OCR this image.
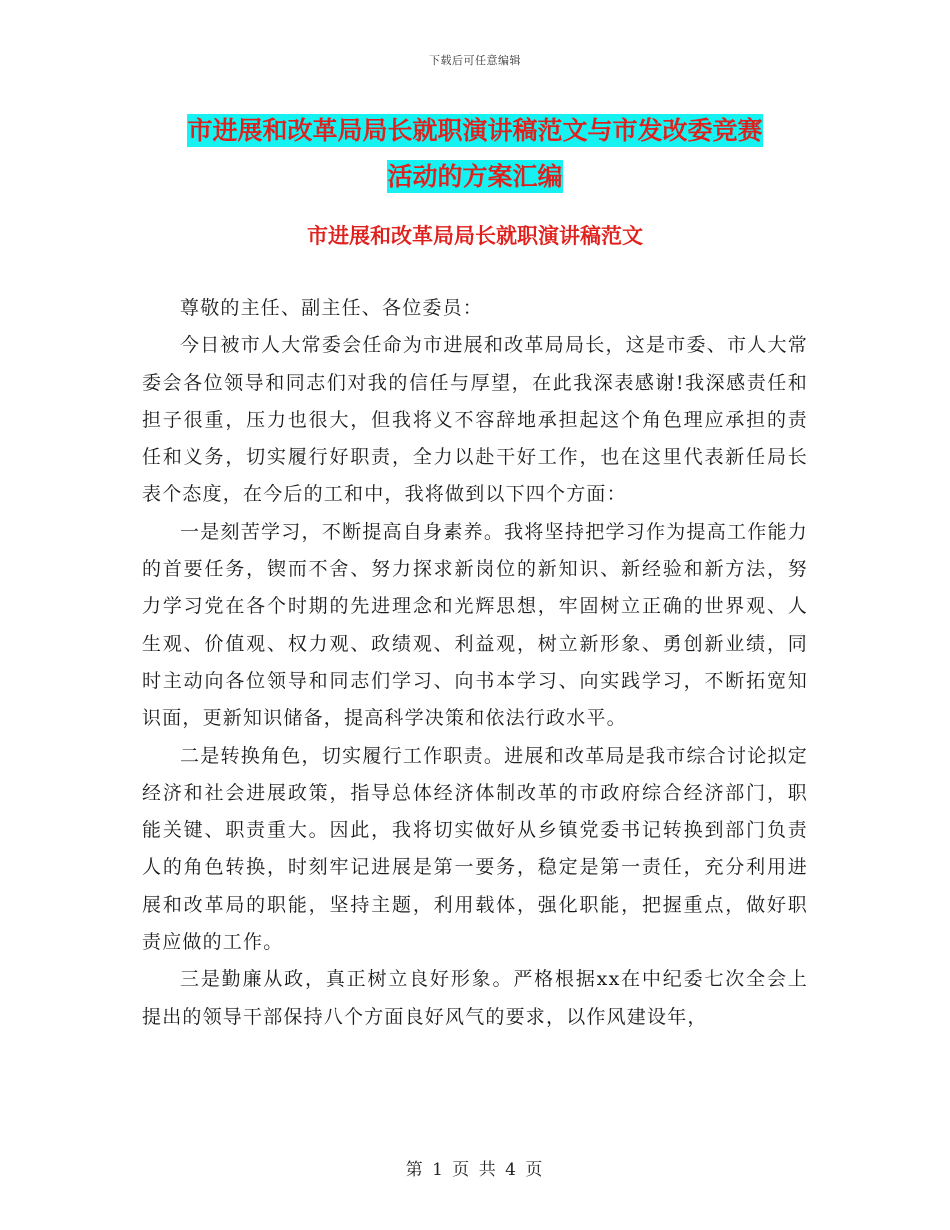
下载后可任意编辑
市进展和改革局局长就职演讲稿范文与市发改委竞赛
活动的方案汇编
市进展和改革局局长就职演讲稿范文

尊敬的主任、副主任、各位委员：

今日被市人大常委会任命为市进展和改革局局长，这是市委、市人大常委会各位领导和同志们对我的信任与厚望，在此我深表感谢!我深感责任和担子很重，压力也很大，但我将义不容辞地承担起这个角色理应承担的责任和义务，切实履行好职责，全力以赴干好工作，也在这里代表新任局长表个态度，在今后的工和中，我将做到以下四个方面：

一是刻苦学习，不断提高自身素养。我将坚持把学习作为提高工作能力的首要任务，锲而不舍、努力探求新岗位的新知识、新经验和新方法，努力学习党在各个时期的先进理念和光辉思想，牢固树立正确的世界观、人生观、价值观、权力观、政绩观、利益观，树立新形象、勇创新业绩，同时主动向各位领导和同志们学习、向书本学习、向实践学习，不断拓宽知识面，更新知识储备，提高科学决策和依法行政水平。

二是转换角色，切实履行工作职责。进展和改革局是我市综合讨论拟定经济和社会进展政策，指导总体经济体制改革的市政府综合经济部门，职能关键、职责重大。因此，我将切实做好从乡镇党委书记转换到部门负责人的角色转换，时刻牢记进展是第一要务，稳定是第一责任，充分利用进展和改革局的职能，坚持主题，利用载体，强化职能，把握重点，做好职责应做的工作。

三是勤廉从政，真正树立良好形象。严格根据xx在中纪委七次全会上提出的领导干部保持八个方面良好风气的要求，以作风建设年，

第 1 页 共 4 页
